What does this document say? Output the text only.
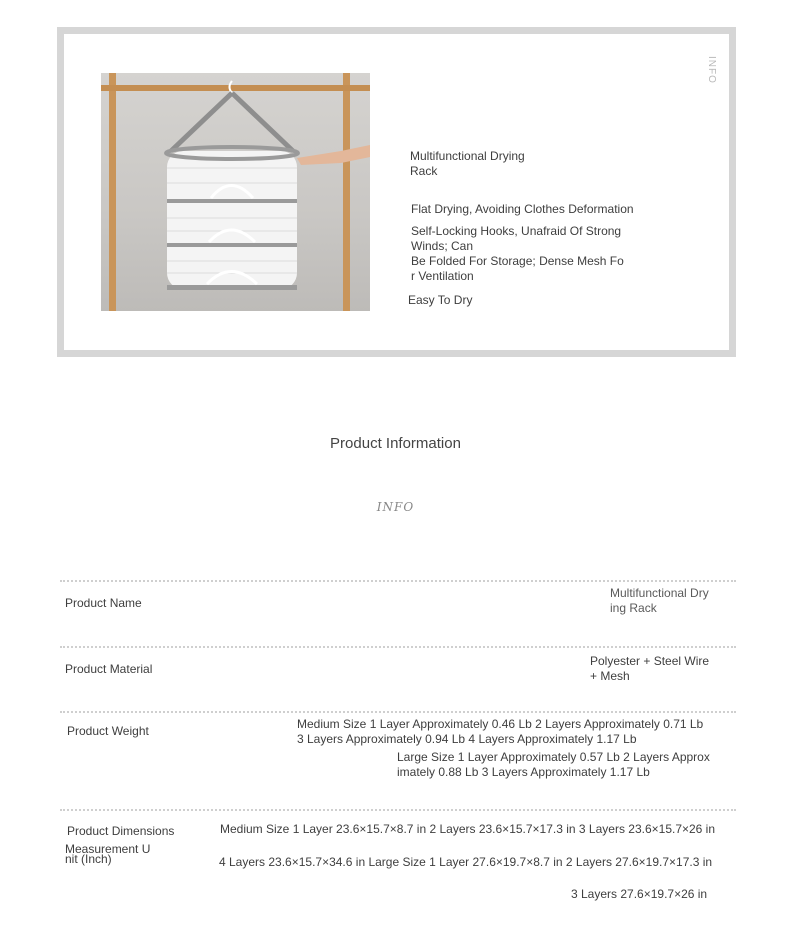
INFO
Multifunctional Drying
Rack
Flat Drying, Avoiding Clothes Deformation
Self-Locking Hooks, Unafraid Of Strong
Winds; Can
Be Folded For Storage; Dense Mesh Fo
r Ventilation
Easy To Dry
Product Information
INFO
Product Name
Multifunctional Dry
ing Rack
Product Material
Polyester + Steel Wire
+ Mesh
Product Weight	Medium Size 1 Layer Approximately 0.46 Lb 2 Layers Approximately 0.71 Lb
3 Layers Approximately 0.94 Lb 4 Layers Approximately 1.17 Lb
Large Size 1 Layer Approximately 0.57 Lb 2 Layers Approx
imately 0.88 Lb 3 Layers Approximately 1.17 Lb
Product Dimensions
Measurement U
nit (Inch)
Medium Size 1 Layer 23.6×15.7×8.7 in 2 Layers 23.6×15.7×17.3 in 3 Layers 23.6×15.7×26 in
4 Layers 23.6×15.7×34.6 in Large Size 1 Layer 27.6×19.7×8.7 in 2 Layers 27.6×19.7×17.3 in
3 Layers 27.6×19.7×26 in
